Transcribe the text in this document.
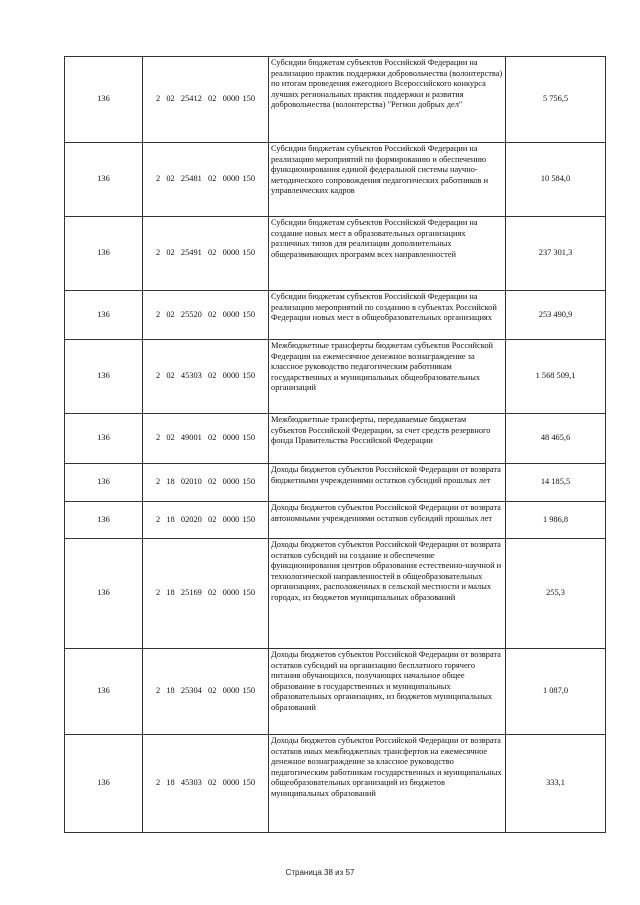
136	2  02  25412  02  0000 150	Субсидии бюджетам субъектов Российской Федерации на реализацию практик поддержки добровольчества (волонтерства) по итогам проведения ежегодного Всероссийского конкурса лучших региональных практик поддержки и развития добровольчества (волонтерства) "Регион добрых дел"	5 756,5
136	2  02  25481  02  0000 150	Субсидии бюджетам субъектов Российской Федерации на реализацию мероприятий по формированию и обеспечению функционирования единой федеральной системы научно-методического сопровождения педагогических работников и управленческих кадров	10 584,0
136	2  02  25491  02  0000 150	Субсидии бюджетам субъектов Российской Федерации на создание новых мест в образовательных организациях различных типов для реализации дополнительных общеразвивающих программ всех направленностей	237 301,3
136	2  02  25520  02  0000 150	Субсидии бюджетам субъектов Российской Федерации на реализацию мероприятий по созданию в субъектах Российской Федерации новых мест в общеобразовательных организациях	253 490,9
136	2  02  45303  02  0000 150	Межбюджетные трансферты бюджетам субъектов Российской Федерации на ежемесячное денежное вознаграждение за классное руководство педагогическим работникам государственных и муниципальных общеобразовательных организаций	1 568 509,1
136	2  02  49001  02  0000 150	Межбюджетные трансферты, передаваемые бюджетам субъектов Российской Федерации, за счет средств резервного фонда Правительства Российской Федерации	48 465,6
136	2  18  02010  02  0000 150	Доходы бюджетов субъектов Российской Федерации от возврата бюджетными учреждениями остатков субсидий прошлых лет	14 185,5
136	2  18  02020  02  0000 150	Доходы бюджетов субъектов Российской Федерации от возврата автономными учреждениями остатков субсидий прошлых лет	1 986,8
136	2  18  25169  02  0000 150	Доходы бюджетов субъектов Российской Федерации от возврата остатков субсидий на создание и обеспечение функционирования центров образования естественно-научной и технологической направленностей в общеобразовательных организациях, расположенных в сельской местности и малых городах, из бюджетов муниципальных образований	255,3
136	2  18  25304  02  0000 150	Доходы бюджетов субъектов Российской Федерации от возврата остатков субсидий на организацию бесплатного горячего питания обучающихся, получающих начальное общее образование в государственных и муниципальных образовательных организациях, из бюджетов муниципальных образований	1 087,0
136	2  18  45303  02  0000 150	Доходы бюджетов субъектов Российской Федерации от возврата остатков иных межбюджетных трансфертов на ежемесячное денежное вознаграждение за классное руководство педагогическим работникам государственных и муниципальных общеобразовательных организаций из бюджетов муниципальных образований	333,1
Страница 38 из 57
